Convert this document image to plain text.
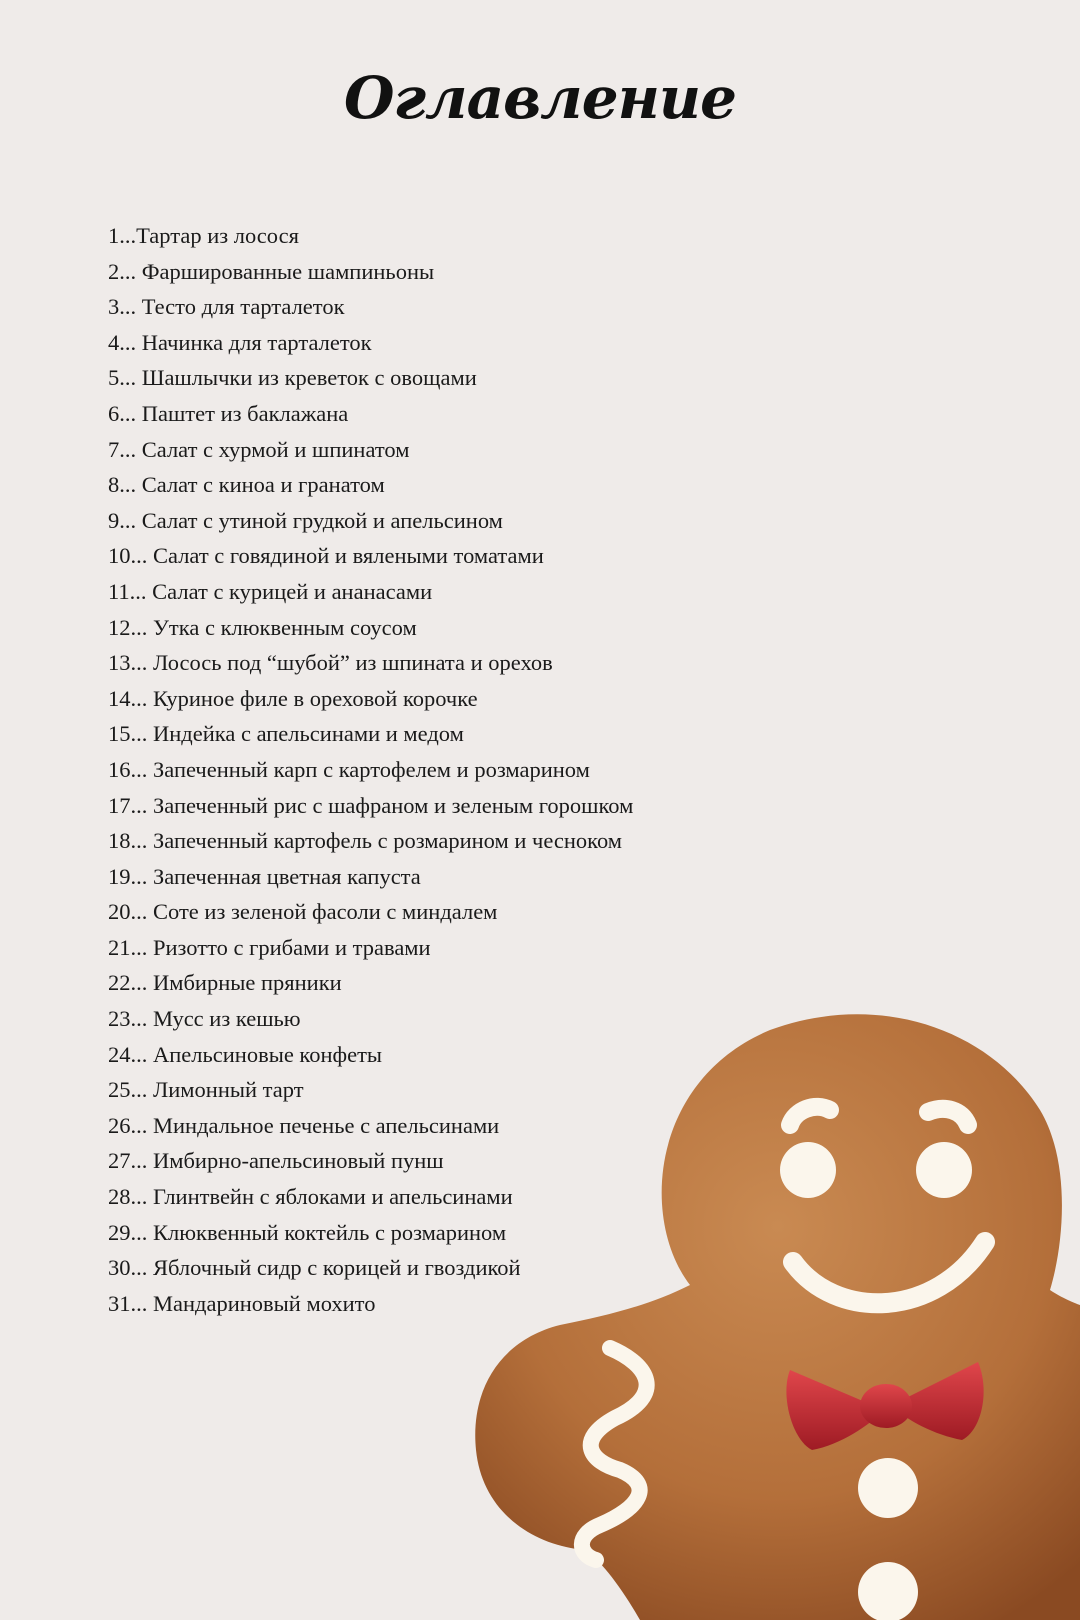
Оглавление
1...Тартар из лосося
2... Фаршированные шампиньоны
3... Тесто для тарталеток
4... Начинка для тарталеток
5... Шашлычки из креветок с овощами
6... Паштет из баклажана
7... Салат с хурмой и шпинатом
8... Салат с киноа и гранатом
9... Салат с утиной грудкой и апельсином
10... Салат с говядиной и вялеными томатами
11... Салат с курицей и ананасами
12... Утка с клюквенным соусом
13... Лосось под “шубой” из шпината и орехов
14... Куриное филе в ореховой корочке
15... Индейка с апельсинами и медом
16... Запеченный карп с картофелем и розмарином
17... Запеченный рис с шафраном и зеленым горошком
18... Запеченный картофель с розмарином и чесноком
19... Запеченная цветная капуста
20... Соте из зеленой фасоли с миндалем
21... Ризотто с грибами и травами
22... Имбирные пряники
23... Мусс из кешью
24... Апельсиновые конфеты
25... Лимонный тарт
26... Миндальное печенье с апельсинами
27... Имбирно-апельсиновый пунш
28... Глинтвейн с яблоками и апельсинами
29... Клюквенный коктейль с розмарином
30... Яблочный сидр с корицей и гвоздикой
31... Мандариновый мохито
